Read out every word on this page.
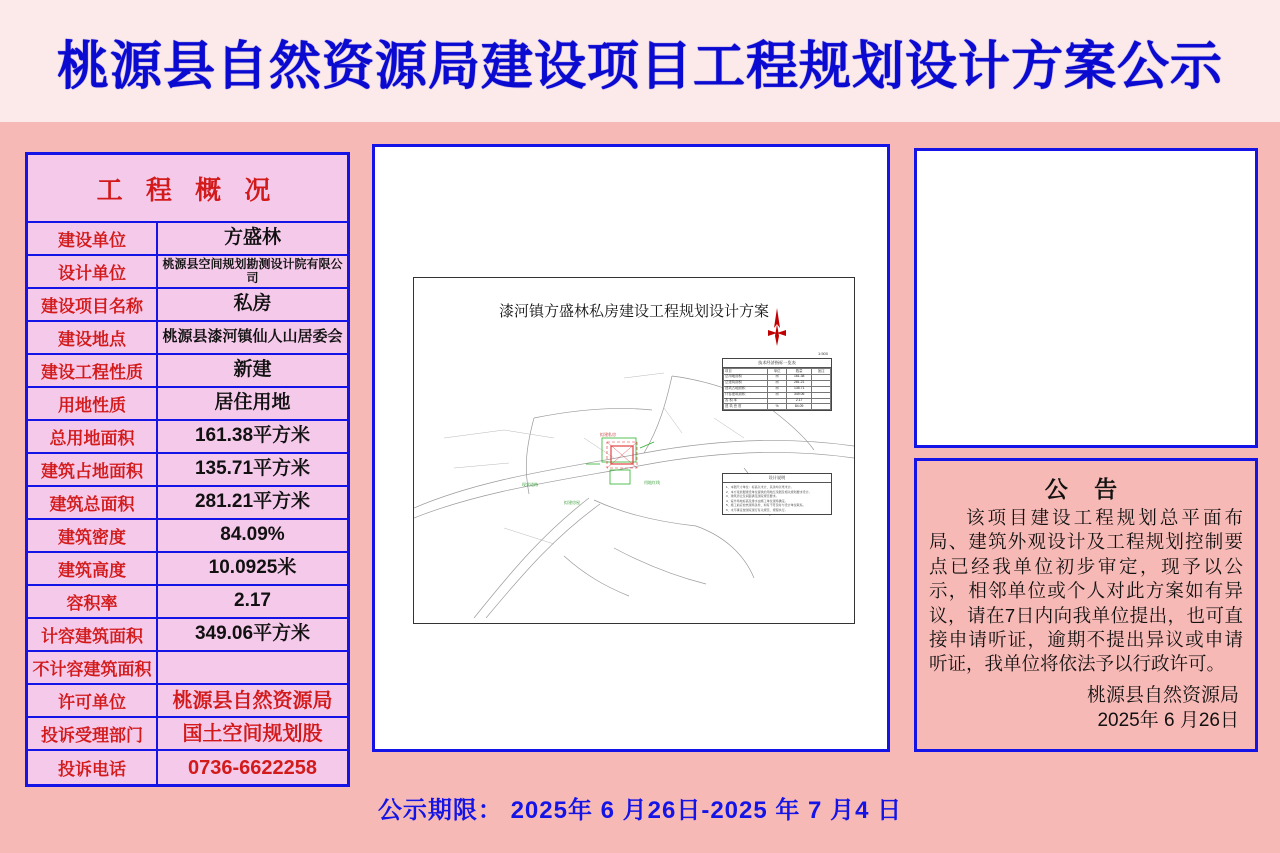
桃源县自然资源局建设项目工程规划设计方案公示
工 程 概 况
建设单位	方盛林
设计单位	桃源县空间规划勘测设计院有限公司
建设项目名称	私房
建设地点	桃源县漆河镇仙人山居委会
建设工程性质	新建
用地性质	居住用地
总用地面积	161.38平方米
建筑占地面积	135.71平方米
建筑总面积	281.21平方米
建筑密度	84.09%
建筑高度	10.0925米
容积率	2.17
计容建筑面积	349.06平方米
不计容建筑面积
许可单位	桃源县自然资源局
投诉受理部门	国土空间规划股
投诉电话	0736-6622258
漆河镇方盛林私房建设工程规划设计方案
1:500
现状道路	用地红线
拟建房屋
拟建私房
技术经济指标一览表
项目	单位	数量	备注
总用地面积	㎡	161.38	
总建筑面积	㎡	281.21	
建筑占地面积	㎡	135.71	
计容建筑面积	㎡	349.06	
容 积 率		2.17	
建 筑 密 度	%	84.09	
设计说明
1、本图尺寸单位：标高以米计，其余均以毫米计。
2、本方案依据建设单位提供的用地红线图及相关规划要求设计。
3、建筑退让及间距满足国家规范要求。
4、室外场地标高及排水由施工单位现场确定。
5、施工前应校核现场条件，如有不符及时与设计单位联系。
6、未尽事宜按国家现行有关规范、规程执行。
公 告
该项目建设工程规划总平面布局、建筑外观设计及工程规划控制要点已经我单位初步审定，现予以公示，相邻单位或个人对此方案如有异议，请在7日内向我单位提出，也可直接申请听证，逾期不提出异议或申请听证，我单位将依法予以行政许可。
桃源县自然资源局
2025年 6 月26日
公示期限： 2025年 6 月26日-2025 年 7 月4 日
